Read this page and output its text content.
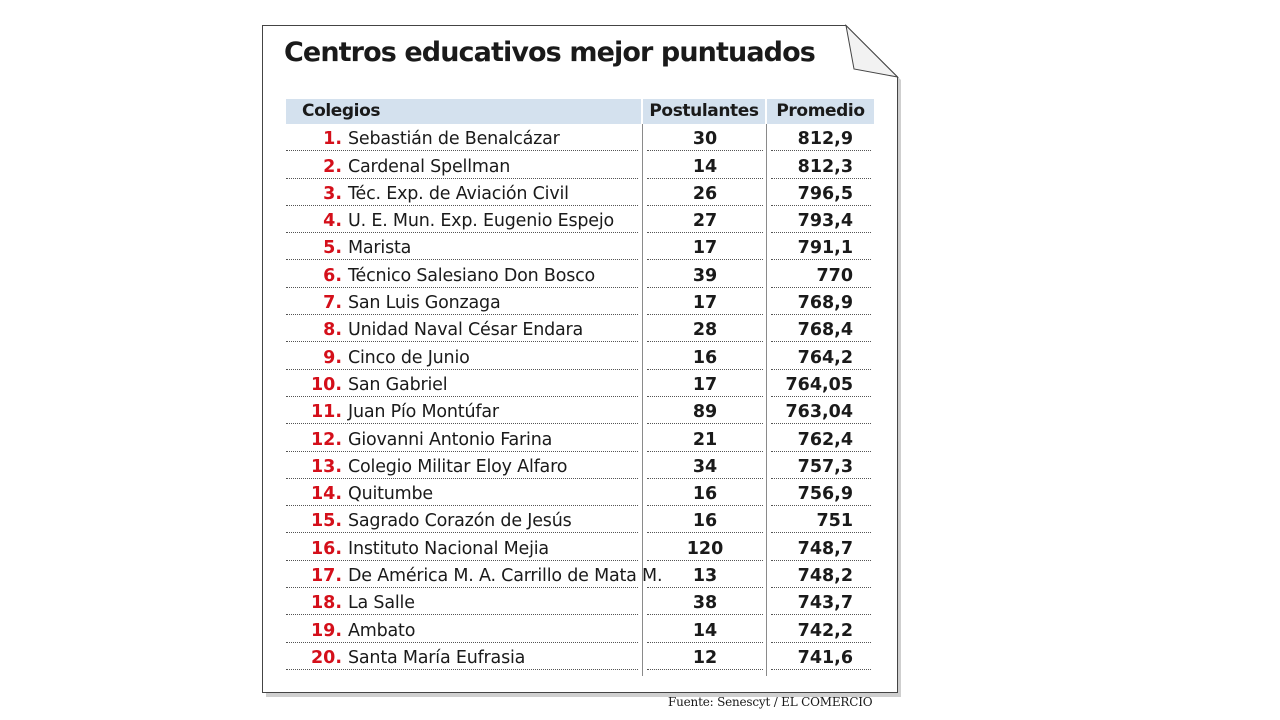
Centros educativos mejor puntuados
Colegios	Postulantes	Promedio
1. Sebastián de Benalcázar	30	812,9
2. Cardenal Spellman	14	812,3
3. Téc. Exp. de Aviación Civil	26	796,5
4. U. E. Mun. Exp. Eugenio Espejo	27	793,4
5. Marista	17	791,1
6. Técnico Salesiano Don Bosco	39	770
7. San Luis Gonzaga	17	768,9
8. Unidad Naval César Endara	28	768,4
9. Cinco de Junio	16	764,2
10. San Gabriel	17	764,05
11. Juan Pío Montúfar	89	763,04
12. Giovanni Antonio Farina	21	762,4
13. Colegio Militar Eloy Alfaro	34	757,3
14. Quitumbe	16	756,9
15. Sagrado Corazón de Jesús	16	751
16. Instituto Nacional Mejia	120	748,7
17. De América M. A. Carrillo de Mata M.	13	748,2
18. La Salle	38	743,7
19. Ambato	14	742,2
20. Santa María Eufrasia	12	741,6
Fuente: Senescyt / EL COMERCIO
